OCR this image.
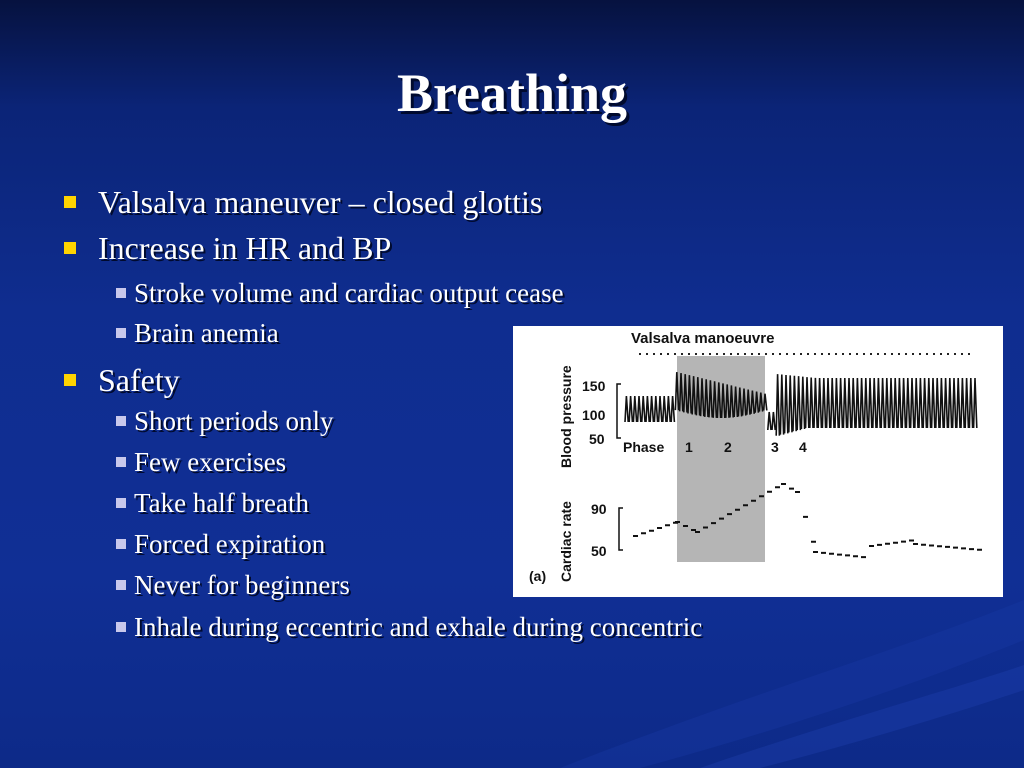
Breathing
Valsalva maneuver – closed glottis
Increase in HR and BP
Stroke volume and cardiac output cease
Brain anemia
Safety
Short periods only
Few exercises
Take half breath
Forced expiration
Never for beginners
Inhale during eccentric and exhale during concentric
Valsalva manoeuvre
Blood pressure
Cardiac rate
150
100
50
90
50
Phase 1 2	3 4
(a)
